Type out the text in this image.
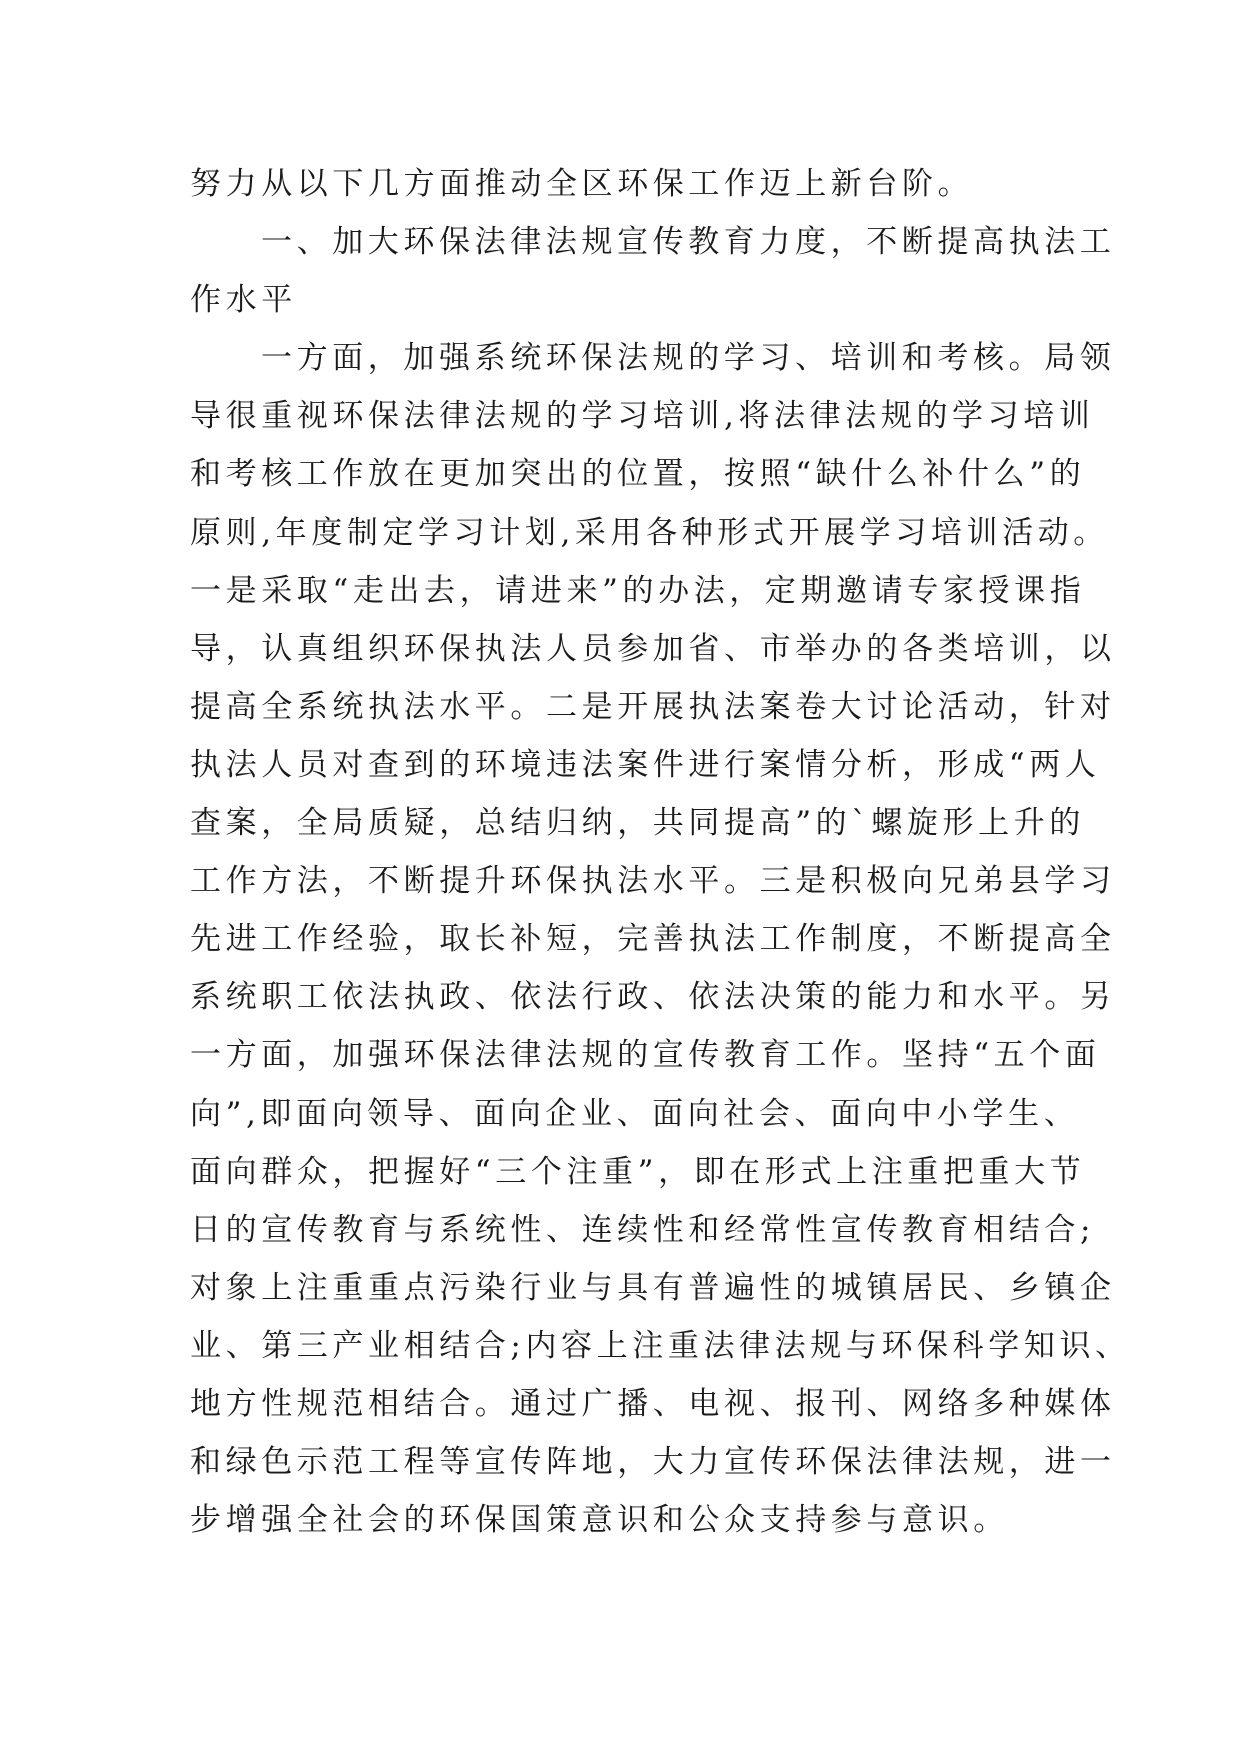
努力从以下几方面推动全区环保工作迈上新台阶。
一、加大环保法律法规宣传教育力度，不断提高执法工
作水平
一方面，加强系统环保法规的学习、培训和考核。局领
导很重视环保法律法规的学习培训,将法律法规的学习培训
和考核工作放在更加突出的位置，按照“缺什么补什么”的
原则,年度制定学习计划,采用各种形式开展学习培训活动。
一是采取“走出去，请进来”的办法，定期邀请专家授课指
导，认真组织环保执法人员参加省、市举办的各类培训，以
提高全系统执法水平。二是开展执法案卷大讨论活动，针对
执法人员对查到的环境违法案件进行案情分析，形成“两人
查案，全局质疑，总结归纳，共同提高”的`螺旋形上升的
工作方法，不断提升环保执法水平。三是积极向兄弟县学习
先进工作经验，取长补短，完善执法工作制度，不断提高全
系统职工依法执政、依法行政、依法决策的能力和水平。另
一方面，加强环保法律法规的宣传教育工作。坚持“五个面
向”,即面向领导、面向企业、面向社会、面向中小学生、
面向群众，把握好“三个注重”，即在形式上注重把重大节
日的宣传教育与系统性、连续性和经常性宣传教育相结合;
对象上注重重点污染行业与具有普遍性的城镇居民、乡镇企
业、第三产业相结合;内容上注重法律法规与环保科学知识、
地方性规范相结合。通过广播、电视、报刊、网络多种媒体
和绿色示范工程等宣传阵地，大力宣传环保法律法规，进一
步增强全社会的环保国策意识和公众支持参与意识。
